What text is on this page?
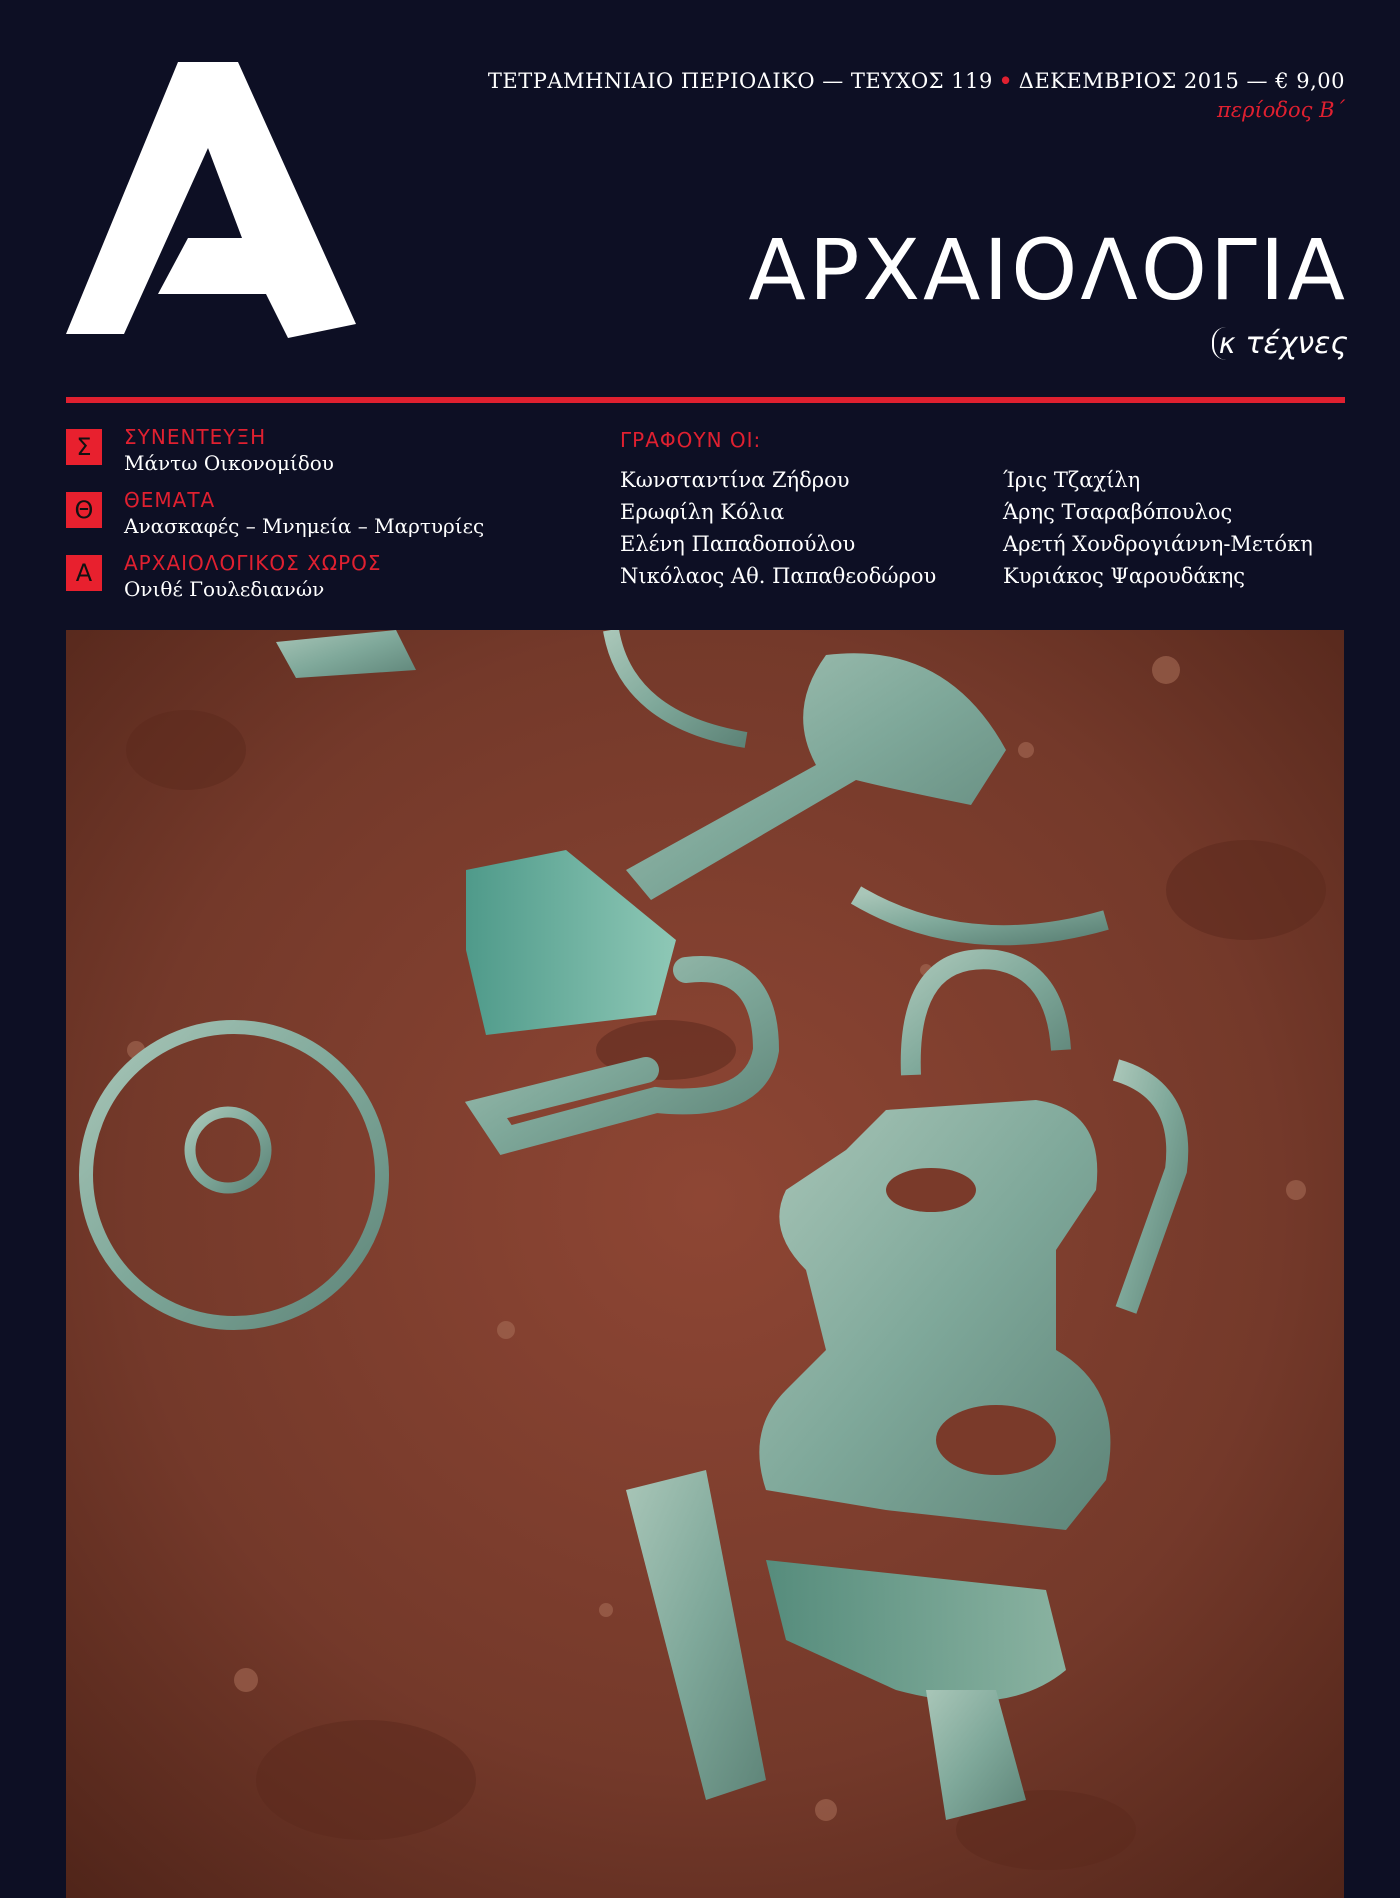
ΤΕΤΡΑΜΗΝΙΑΙΟ ΠΕΡΙΟΔΙΚΟ — ΤΕΥΧΟΣ 119 • ΔΕΚΕΜΒΡΙΟΣ 2015 — € 9,00
περίοδος Β΄
ΑΡΧΑΙΟΛΟΓΙΑ
κ τέχνες
Σ	ΣΥΝΕΝΤΕΥΞΗ
Μάντω Οικονομίδου
Θ	ΘΕΜΑΤΑ
Ανασκαφές – Μνημεία – Μαρτυρίες
Α	ΑΡΧΑΙΟΛΟΓΙΚΟΣ ΧΩΡΟΣ
Ονιθέ Γουλεδιανών
ΓΡΑΦΟΥΝ ΟΙ:
Κωνσταντίνα Ζήδρου
Ερωφίλη Κόλια
Ελένη Παπαδοπούλου
Νικόλαος Αθ. Παπαθεοδώρου
Ίρις Τζαχίλη
Άρης Τσαραβόπουλος
Αρετή Χονδρογιάννη-Μετόκη
Κυριάκος Ψαρουδάκης
